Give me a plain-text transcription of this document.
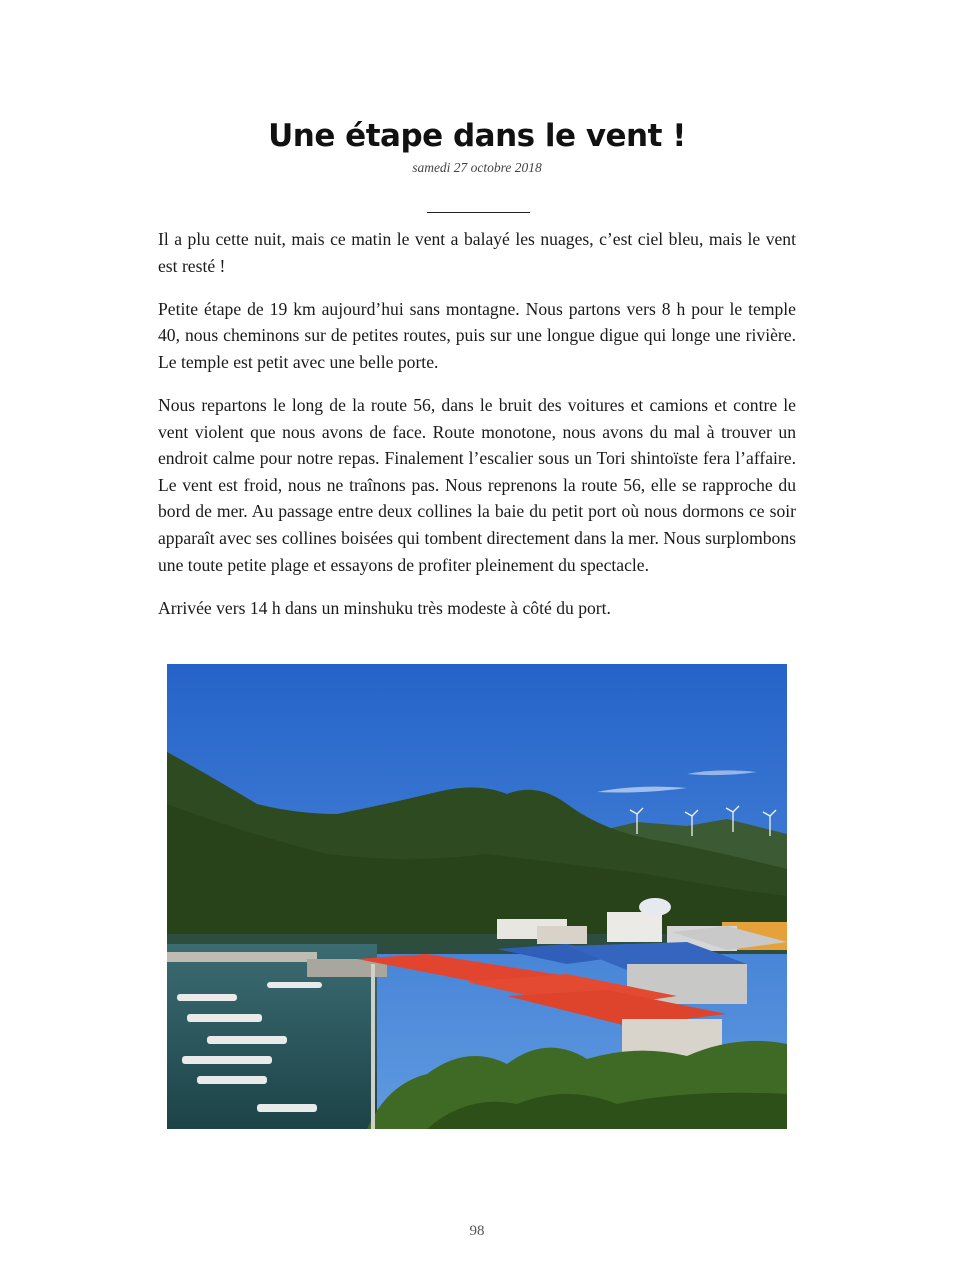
Une étape dans le vent !
samedi 27 octobre 2018

Il a plu cette nuit, mais ce matin le vent a balayé les nuages, c’est ciel bleu, mais le vent est resté !

Petite étape de 19 km aujourd’hui sans montagne. Nous partons vers 8 h pour le temple 40, nous cheminons sur de petites routes, puis sur une longue digue qui longe une rivière. Le temple est petit avec une belle porte.

Nous repartons le long de la route 56, dans le bruit des voitures et camions et contre le vent violent que nous avons de face. Route monotone, nous avons du mal à trouver un endroit calme pour notre repas. Finalement l’escalier sous un Tori shintoïste fera l’affaire. Le vent est froid, nous ne traînons pas. Nous reprenons la route 56, elle se rapproche du bord de mer. Au passage entre deux collines la baie du petit port où nous dormons ce soir apparaît avec ses collines boisées qui tombent directement dans la mer. Nous surplombons une toute petite plage et essayons de profiter pleinement du spectacle.

Arrivée vers 14 h dans un minshuku très modeste à côté du port.

98
